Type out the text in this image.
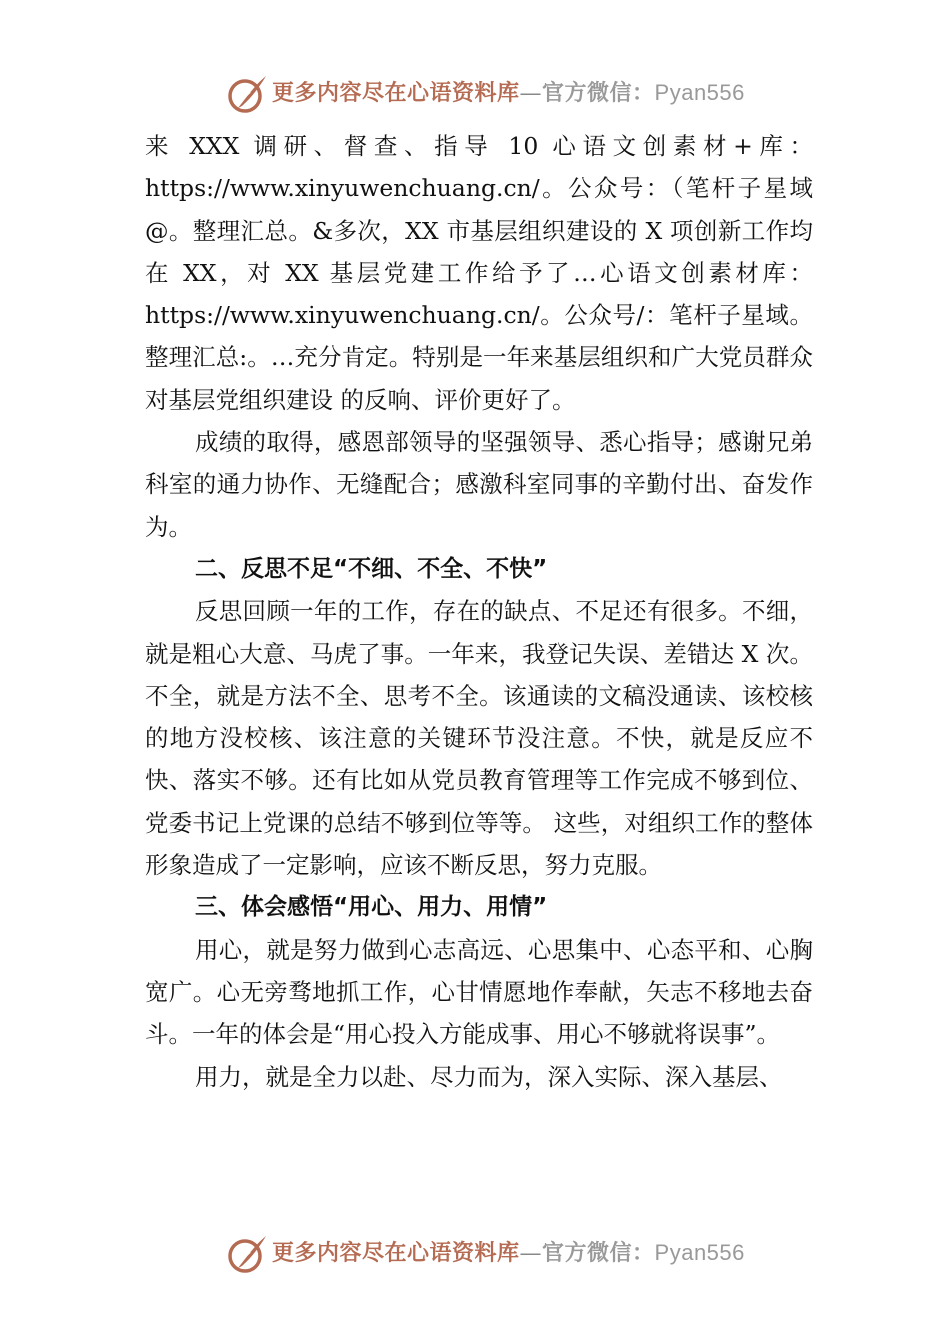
更多内容尽在心语资料库—官方微信：Pyan556

来 XXX 调研、督查、指导 10 心语文创素材+库：https://www.xinyuwenchuang.cn/。公众号：（笔杆子星域@。整理汇总。&多次，XX 市基层组织建设的 X 项创新工作均在 XX，对 XX 基层党建工作给予了…心语文创素材库：https://www.xinyuwenchuang.cn/。公众号/：笔杆子星域。整理汇总:。…充分肯定。特别是一年来基层组织和广大党员群众对基层党组织建设 的反响、评价更好了。

成绩的取得，感恩部领导的坚强领导、悉心指导；感谢兄弟科室的通力协作、无缝配合；感激科室同事的辛勤付出、奋发作为。

二、反思不足“不细、不全、不快”

反思回顾一年的工作，存在的缺点、不足还有很多。不细，就是粗心大意、马虎了事。一年来，我登记失误、差错达 X 次。不全，就是方法不全、思考不全。该通读的文稿没通读、该校核的地方没校核、该注意的关键环节没注意。不快，就是反应不快、落实不够。还有比如从党员教育管理等工作完成不够到位、党委书记上党课的总结不够到位等等。 这些，对组织工作的整体形象造成了一定影响，应该不断反思，努力克服。

三、体会感悟“用心、用力、用情”

用心，就是努力做到心志高远、心思集中、心态平和、心胸宽广。心无旁骛地抓工作，心甘情愿地作奉献，矢志不移地去奋斗。一年的体会是“用心投入方能成事、用心不够就将误事”。

用力，就是全力以赴、尽力而为，深入实际、深入基层、

更多内容尽在心语资料库—官方微信：Pyan556
